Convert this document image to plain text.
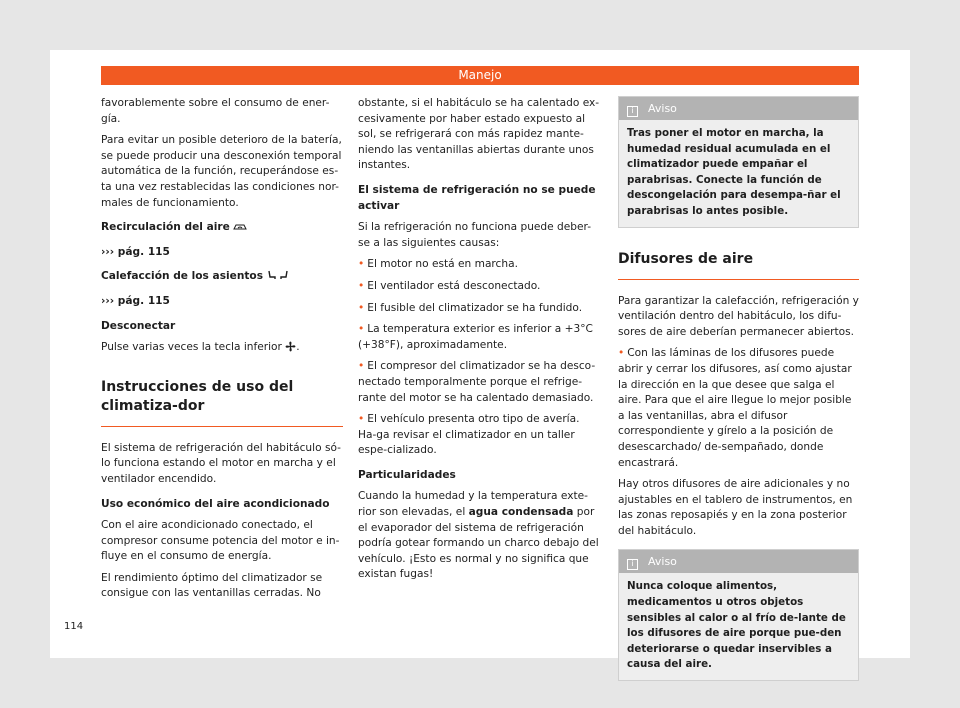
Manejo

favorablemente sobre el consumo de ener-gía.

Para evitar un posible deterioro de la batería, se puede producir una desconexión temporal automática de la función, recuperándose es-ta una vez restablecidas las condiciones nor-males de funcionamiento.

Recirculación del aire

››› pág. 115

Calefacción de los asientos

››› pág. 115

Desconectar

Pulse varias veces la tecla inferior .

Instrucciones de uso del climatiza-dor

El sistema de refrigeración del habitáculo só-lo funciona estando el motor en marcha y el ventilador encendido.

Uso económico del aire acondicionado

Con el aire acondicionado conectado, el compresor consume potencia del motor e in-fluye en el consumo de energía.

El rendimiento óptimo del climatizador se consigue con las ventanillas cerradas. No

obstante, si el habitáculo se ha calentado ex-cesivamente por haber estado expuesto al sol, se refrigerará con más rapidez mante-niendo las ventanillas abiertas durante unos instantes.

El sistema de refrigeración no se puede activar

Si la refrigeración no funciona puede deber-se a las siguientes causas:

• El motor no está en marcha.

• El ventilador está desconectado.

• El fusible del climatizador se ha fundido.

• La temperatura exterior es inferior a +3°C (+38°F), aproximadamente.

• El compresor del climatizador se ha desco-nectado temporalmente porque el refrige-rante del motor se ha calentado demasiado.

• El vehículo presenta otro tipo de avería. Ha-ga revisar el climatizador en un taller espe-cializado.

Particularidades

Cuando la humedad y la temperatura exte-rior son elevadas, el agua condensada por el evaporador del sistema de refrigeración podría gotear formando un charco debajo del vehículo. ¡Esto es normal y no significa que existan fugas!

i Aviso
Tras poner el motor en marcha, la humedad residual acumulada en el climatizador puede empañar el parabrisas. Conecte la función de descongelación para desempa-ñar el parabrisas lo antes posible.
Difusores de aire

Para garantizar la calefacción, refrigeración y ventilación dentro del habitáculo, los difu-sores de aire deberían permanecer abiertos.

• Con las láminas de los difusores puede abrir y cerrar los difusores, así como ajustar la dirección en la que desee que salga el aire. Para que el aire llegue lo mejor posible a las ventanillas, abra el difusor correspondiente y gírelo a la posición de desescarchado/ de-sempañado, donde encastrará.

Hay otros difusores de aire adicionales y no ajustables en el tablero de instrumentos, en las zonas reposapiés y en la zona posterior del habitáculo.

i Aviso
Nunca coloque alimentos, medicamentos u otros objetos sensibles al calor o al frío de-lante de los difusores de aire porque pue-den deteriorarse o quedar inservibles a causa del aire.
114
